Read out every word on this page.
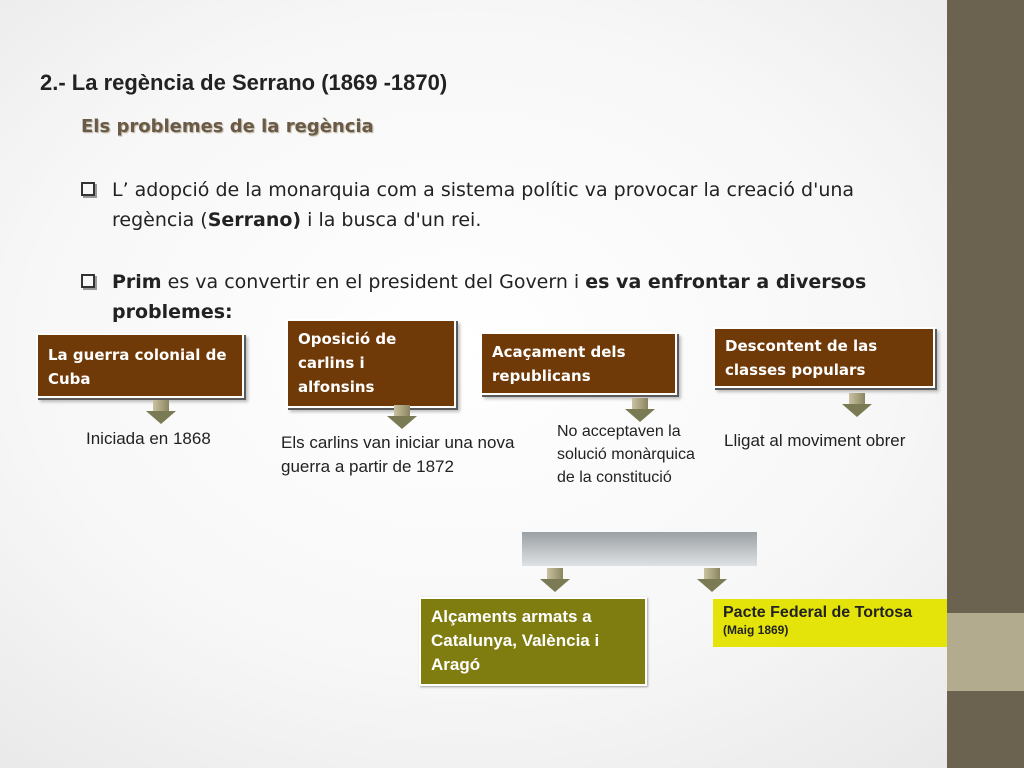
2.- La regència de Serrano (1869 -1870)
Els problemes de la regència
L’ adopció de la monarquia com a sistema polític va provocar la creació d'una regència (Serrano) i la busca d'un rei.
Prim es va convertir en el president del Govern i es va enfrontar a diversos problemes:
La guerra colonial de Cuba
Oposició de carlins i alfonsins
Acaçament dels republicans
Descontent de las classes populars
Iniciada en 1868	Els carlins van iniciar una nova guerra a partir de 1872
No acceptaven la solució monàrquica de la constitució
Lligat al moviment obrer
Alçaments armats a Catalunya, València i Aragó
Pacte Federal de Tortosa
(Maig 1869)
